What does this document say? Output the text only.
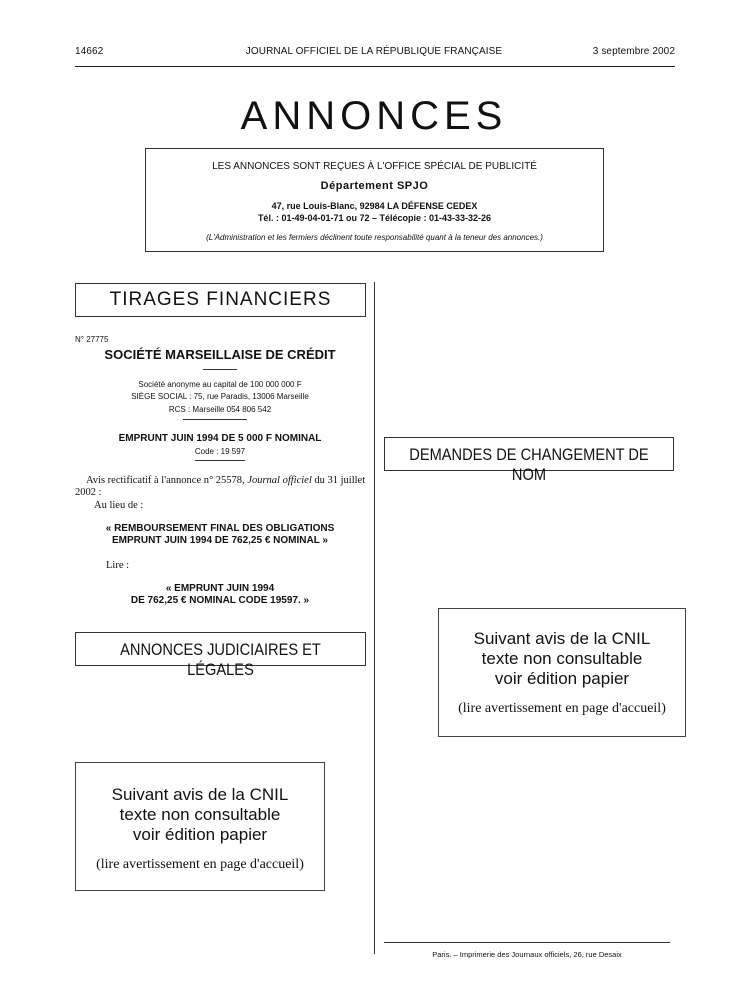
14662	JOURNAL OFFICIEL DE LA RÉPUBLIQUE FRANÇAISE	3 septembre 2002
ANNONCES
LES ANNONCES SONT REÇUES À L'OFFICE SPÉCIAL DE PUBLICITÉ
Département SPJO
47, rue Louis-Blanc, 92984 LA DÉFENSE CEDEX
Tél. : 01-49-04-01-71 ou 72 – Télécopie : 01-43-33-32-26
(L'Administration et les fermiers déclinent toute responsabilité quant à la teneur des annonces.)
TIRAGES FINANCIERS
N° 27775
SOCIÉTÉ MARSEILLAISE DE CRÉDIT
Société anonyme au capital de 100 000 000 F
SIÈGE SOCIAL : 75, rue Paradis, 13006 Marseille
RCS : Marseille 054 806 542
EMPRUNT JUIN 1994 DE 5 000 F NOMINAL
Code : 19 597
Avis rectificatif à l'annonce n° 25578, Journal officiel du 31 juillet
2002 :
Au lieu de :
« REMBOURSEMENT FINAL DES OBLIGATIONS
EMPRUNT JUIN 1994 DE 762,25 € NOMINAL »
Lire :
« EMPRUNT JUIN 1994
DE 762,25 € NOMINAL CODE 19597. »
ANNONCES JUDICIAIRES ET LÉGALES
Suivant avis de la CNIL
texte non consultable
voir édition papier
(lire avertissement en page d'accueil)
DEMANDES DE CHANGEMENT DE NOM
Suivant avis de la CNIL
texte non consultable
voir édition papier
(lire avertissement en page d'accueil)
Paris. – Imprimerie des Journaux officiels, 26, rue Desaix
